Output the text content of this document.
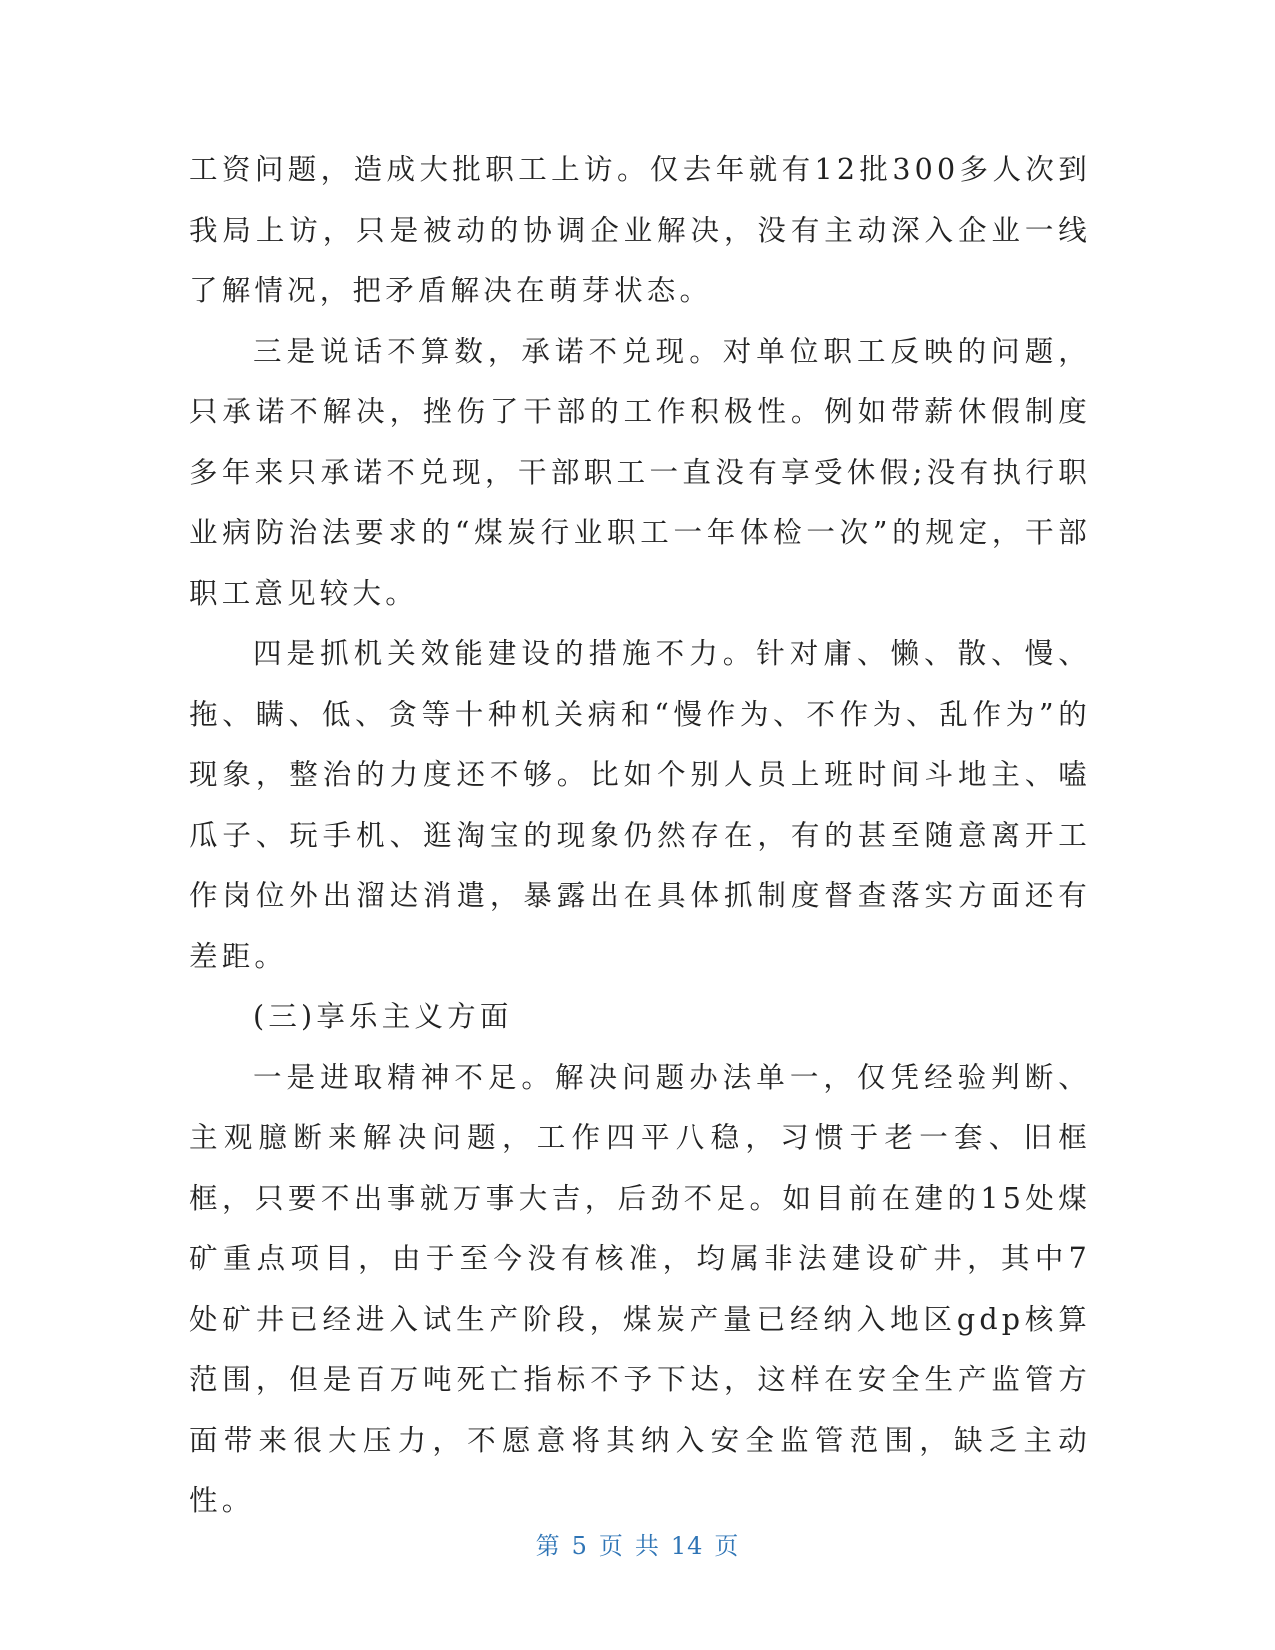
工资问题，造成大批职工上访。仅去年就有12批300多人次到我局上访，只是被动的协调企业解决，没有主动深入企业一线了解情况，把矛盾解决在萌芽状态。

三是说话不算数，承诺不兑现。对单位职工反映的问题，只承诺不解决，挫伤了干部的工作积极性。例如带薪休假制度多年来只承诺不兑现，干部职工一直没有享受休假;没有执行职业病防治法要求的“煤炭行业职工一年体检一次”的规定，干部职工意见较大。

四是抓机关效能建设的措施不力。针对庸、懒、散、慢、拖、瞒、低、贪等十种机关病和“慢作为、不作为、乱作为”的现象，整治的力度还不够。比如个别人员上班时间斗地主、嗑瓜子、玩手机、逛淘宝的现象仍然存在，有的甚至随意离开工作岗位外出溜达消遣，暴露出在具体抓制度督查落实方面还有差距。

(三)享乐主义方面

一是进取精神不足。解决问题办法单一，仅凭经验判断、主观臆断来解决问题，工作四平八稳，习惯于老一套、旧框框，只要不出事就万事大吉，后劲不足。如目前在建的15处煤矿重点项目，由于至今没有核准，均属非法建设矿井，其中7处矿井已经进入试生产阶段，煤炭产量已经纳入地区gdp核算范围，但是百万吨死亡指标不予下达，这样在安全生产监管方面带来很大压力，不愿意将其纳入安全监管范围，缺乏主动性。

第 5 页 共 14 页
